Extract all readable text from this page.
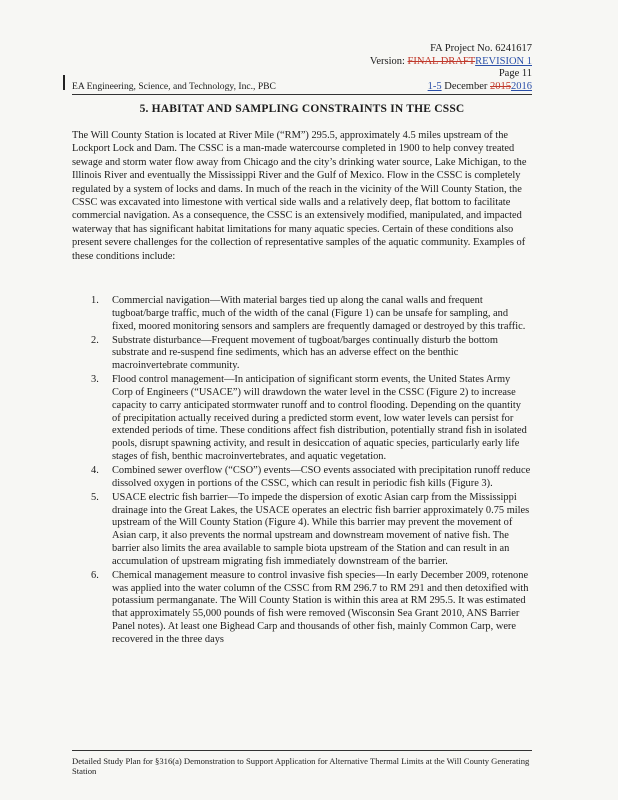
FA Project No. 6241617
Version: FINAL DRAFTREVISION 1
Page 11
1-5 December 20152016
EA Engineering, Science, and Technology, Inc., PBC
5. HABITAT AND SAMPLING CONSTRAINTS IN THE CSSC

The Will County Station is located at River Mile (“RM”) 295.5, approximately 4.5 miles upstream of the Lockport Lock and Dam. The CSSC is a man-made watercourse completed in 1900 to help convey treated sewage and storm water flow away from Chicago and the city’s drinking water source, Lake Michigan, to the Illinois River and eventually the Mississippi River and the Gulf of Mexico. Flow in the CSSC is completely regulated by a system of locks and dams. In much of the reach in the vicinity of the Will County Station, the CSSC was excavated into limestone with vertical side walls and a relatively deep, flat bottom to facilitate commercial navigation. As a consequence, the CSSC is an extensively modified, manipulated, and impacted waterway that has significant habitat limitations for many aquatic species. Certain of these conditions also present severe challenges for the collection of representative samples of the aquatic community. Examples of these conditions include:

1. Commercial navigation—With material barges tied up along the canal walls and frequent tugboat/barge traffic, much of the width of the canal (Figure 1) can be unsafe for sampling, and fixed, moored monitoring sensors and samplers are frequently damaged or destroyed by this traffic.
2. Substrate disturbance—Frequent movement of tugboat/barges continually disturb the bottom substrate and re-suspend fine sediments, which has an adverse effect on the benthic macroinvertebrate community.
3. Flood control management—In anticipation of significant storm events, the United States Army Corp of Engineers (“USACE”) will drawdown the water level in the CSSC (Figure 2) to increase capacity to carry anticipated stormwater runoff and to control flooding. Depending on the quantity of precipitation actually received during a predicted storm event, low water levels can persist for extended periods of time. These conditions affect fish distribution, potentially strand fish in isolated pools, disrupt spawning activity, and result in desiccation of aquatic species, particularly early life stages of fish, benthic macroinvertebrates, and aquatic vegetation.
4. Combined sewer overflow (“CSO”) events—CSO events associated with precipitation runoff reduce dissolved oxygen in portions of the CSSC, which can result in periodic fish kills (Figure 3).
5. USACE electric fish barrier—To impede the dispersion of exotic Asian carp from the Mississippi drainage into the Great Lakes, the USACE operates an electric fish barrier approximately 0.75 miles upstream of the Will County Station (Figure 4). While this barrier may prevent the movement of Asian carp, it also prevents the normal upstream and downstream movement of native fish. The barrier also limits the area available to sample biota upstream of the Station and can result in an accumulation of upstream migrating fish immediately downstream of the barrier.
6. Chemical management measure to control invasive fish species—In early December 2009, rotenone was applied into the water column of the CSSC from RM 296.7 to RM 291 and then detoxified with potassium permanganate. The Will County Station is within this area at RM 295.5. It was estimated that approximately 55,000 pounds of fish were removed (Wisconsin Sea Grant 2010, ANS Barrier Panel notes). At least one Bighead Carp and thousands of other fish, mainly Common Carp, were recovered in the three days
Detailed Study Plan for §316(a) Demonstration to Support Application for Alternative Thermal Limits at the Will County Generating Station
